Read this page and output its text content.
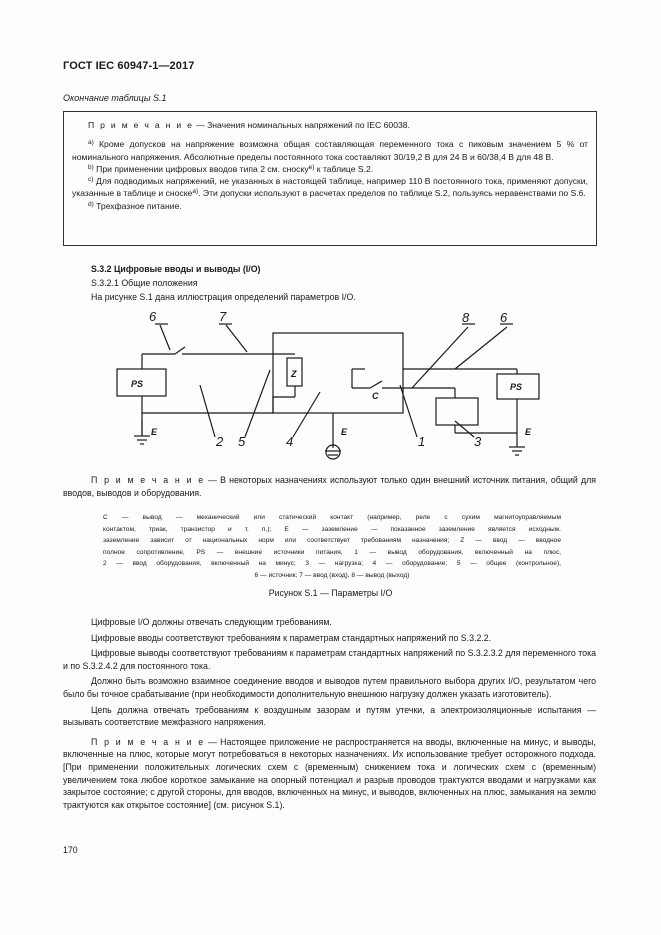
ГОСТ IEC 60947-1—2017
Окончание таблицы S.1

П р и м е ч а н и е — Значения номинальных напряжений по IEC 60038.

$^{a)}$ Кроме допусков на напряжение возможна общая составляющая переменного тока с пиковым значением 5 % от номинального напряжения. Абсолютные пределы постоянного тока составляют 30/19,2 В для 24 В и 60/38,4 В для 48 В.

$^{b)}$ При применении цифровых вводов типа 2 см. сноску$^{e)}$ к таблице S.2.

$^{c)}$ Для подводимых напряжений, не указанных в настоящей таблице, например 110 В постоянного тока, применяют допуски, указанные в таблице и сноске$^{a)}$. Эти допуски используют в расчетах пределов по таблице S.2, пользуясь неравенствами по S.6.

$^{d)}$ Трехфазное питание.

S.3.2 Цифровые вводы и выводы (I/O)
S.3.2.1 Общие положения
На рисунке S.1 дана иллюстрация определений параметров I/O.
6	7	8 6
2 5	4	1	3
PS	PS
Z
C
E	E	E
П р и м е ч а н и е — В некоторых назначениях используют только один внешний источник питания, общий для вводов, выводов и оборудования.

C — вывод — механический или статический контакт (например, реле с сухим магнитоуправляемым

контактом, триак, транзистор и т. п.); E — заземление — показанное заземление является исходным.

заземление зависит от национальных норм или соответствует требованиям назначения; Z — ввод — вводное

полное сопротивление, PS — внешние источники питания, 1 — вывод оборудования, включенный на плюс,

2 — ввод оборудования, включенный на минус; 3 — нагрузка; 4 — оборудование; 5 — общее (контрольное),

6 — источник; 7 — ввод (вход), 8 — вывод (выход)

Рисунок S.1 — Параметры I/O

Цифровые I/O должны отвечать следующим требованиям.

Цифровые вводы соответствуют требованиям к параметрам стандартных напряжений по S.3.2.2.

Цифровые выводы соответствуют требованиям к параметрам стандартных напряжений по S.3.2.3.2 для переменного тока и по S.3.2.4.2 для постоянного тока.

Должно быть возможно взаимное соединение вводов и выводов путем правильного выбора других I/O, результатом чего было бы точное срабатывание (при необходимости дополнительную внешнюю нагрузку должен указать изготовитель).

Цепь должна отвечать требованиям к воздушным зазорам и путям утечки, а электроизоляционные испытания — вызывать соответствие межфазного напряжения.

П р и м е ч а н и е — Настоящее приложение не распространяется на вводы, включенные на минус, и выводы, включенные на плюс, которые могут потребоваться в некоторых назначениях. Их использование требует осторожного подхода. [При применении положительных логических схем с (временным) снижением тока и логических схем с (временным) увеличением тока любое короткое замыкание на опорный потенциал и разрыв проводов трактуются вводами и нагрузками как закрытое состояние; с другой стороны, для вводов, включенных на минус, и выводов, включенных на плюс, замыкания на землю трактуются как открытое состояние] (см. рисунок S.1).

170
